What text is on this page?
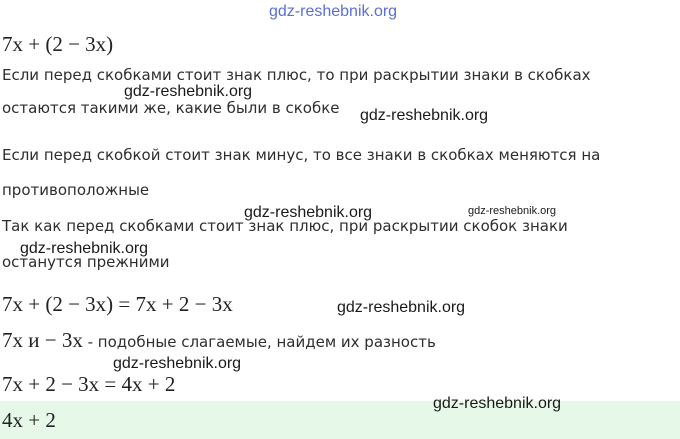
gdz-reshebnik.org
7x + (2 − 3x)
Если перед скобками стоит знак плюс, то при раскрытии знаки в скобках
остаются такими же, какие были в скобке
Если перед скобкой стоит знак минус, то все знаки в скобках меняются на
противоположные
Так как перед скобками стоит знак плюс, при раскрытии скобок знаки
останутся прежними
7x + (2 − 3x) = 7x + 2 − 3x
7x и − 3x - подобные слагаемые, найдем их разность
7x + 2 − 3x = 4x + 2
4x + 2
gdz-reshebnik.org
gdz-reshebnik.org
gdz-reshebnik.org	gdz-reshebnik.org
gdz-reshebnik.org
gdz-reshebnik.org
gdz-reshebnik.org
gdz-reshebnik.org
